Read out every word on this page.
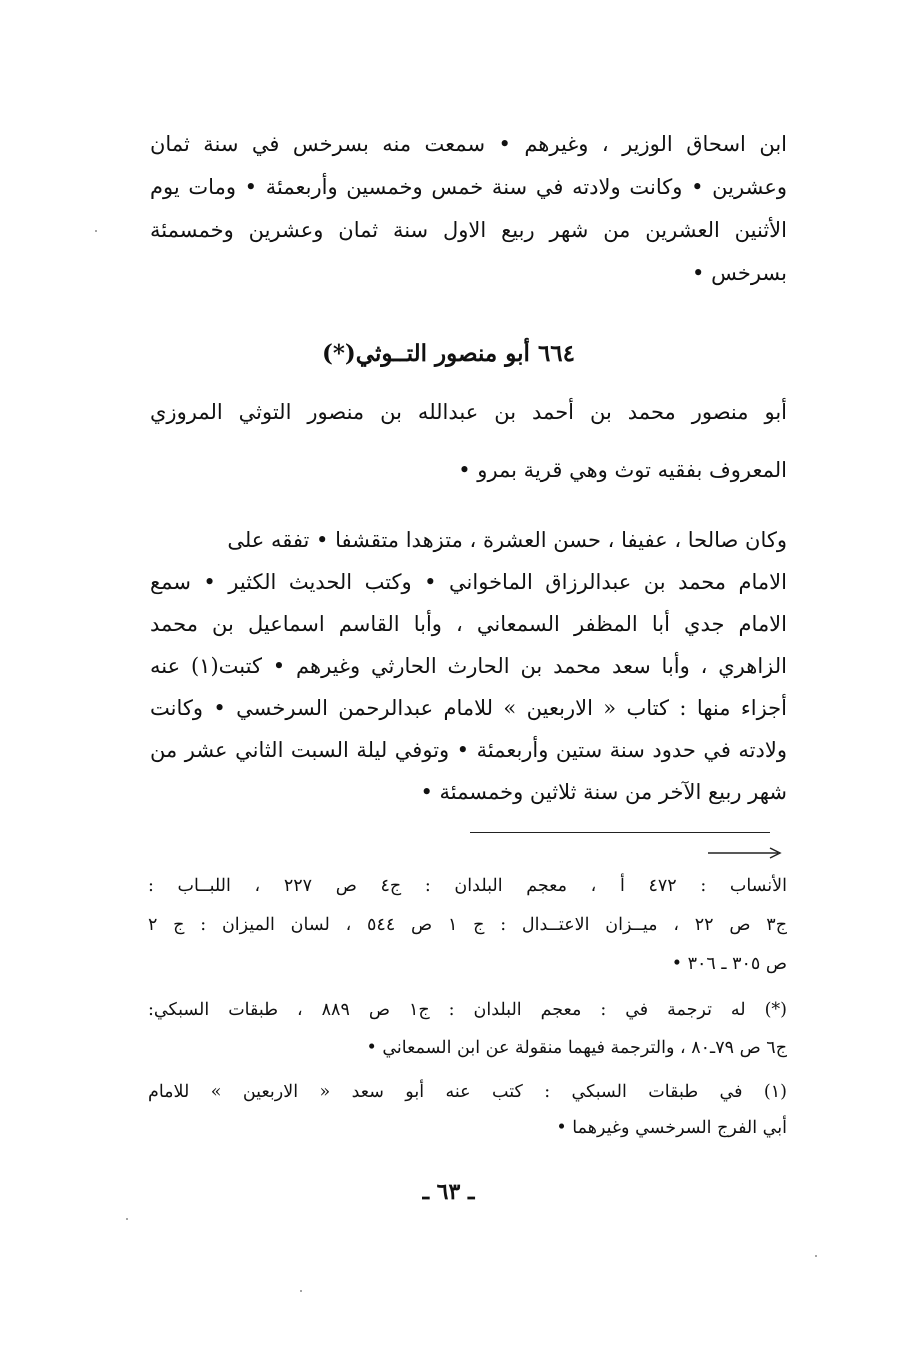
ابن اسحاق الوزير ، وغيرهم • سمعت منه بسرخس في سنة ثمان
وعشرين • وكانت ولادته في سنة خمس وخمسين وأربعمئة • ومات يوم
الأثنين العشرين من شهر ربيع الاول سنة ثمان وعشرين وخمسمئة
بسرخس •
٦٦٤ أبو منصور التــوثي(*)
أبو منصور محمد بن أحمد بن عبدالله بن منصور التوثي المروزي
المعروف بفقيه توث وهي قرية بمرو •
وكان صالحا ، عفيفا ، حسن العشرة ، متزهدا متقشفا • تفقه على
الامام محمد بن عبدالرزاق الماخواني • وكتب الحديث الكثير • سمع
الامام جدي أبا المظفر السمعاني ، وأبا القاسم اسماعيل بن محمد
الزاهري ، وأبا سعد محمد بن الحارث الحارثي وغيرهم • كتبت(١) عنه
أجزاء منها : كتاب « الاربعين » للامام عبدالرحمن السرخسي • وكانت
ولادته في حدود سنة ستين وأربعمئة • وتوفي ليلة السبت الثاني عشر من
شهر ربيع الآخر من سنة ثلاثين وخمسمئة •
الأنساب : ٤٧٢ أ ، معجم البلدان : ج٤ ص ٢٢٧ ، اللبــاب :
ج٣ ص ٢٢ ، ميــزان الاعتــدال : ج ١ ص ٥٤٤ ، لسان الميزان : ج ٢
ص ٣٠٥ ـ ٣٠٦ •
(*) له ترجمة في : معجم البلدان : ج١ ص ٨٨٩ ، طبقات السبكي:
ج٦ ص ٧٩ـ٨٠ ، والترجمة فيهما منقولة عن ابن السمعاني •
(١) في طبقات السبكي : كتب عنه أبو سعد « الاربعين » للامام
أبي الفرج السرخسي وغيرهما •
ـ ٦٣ ـ
